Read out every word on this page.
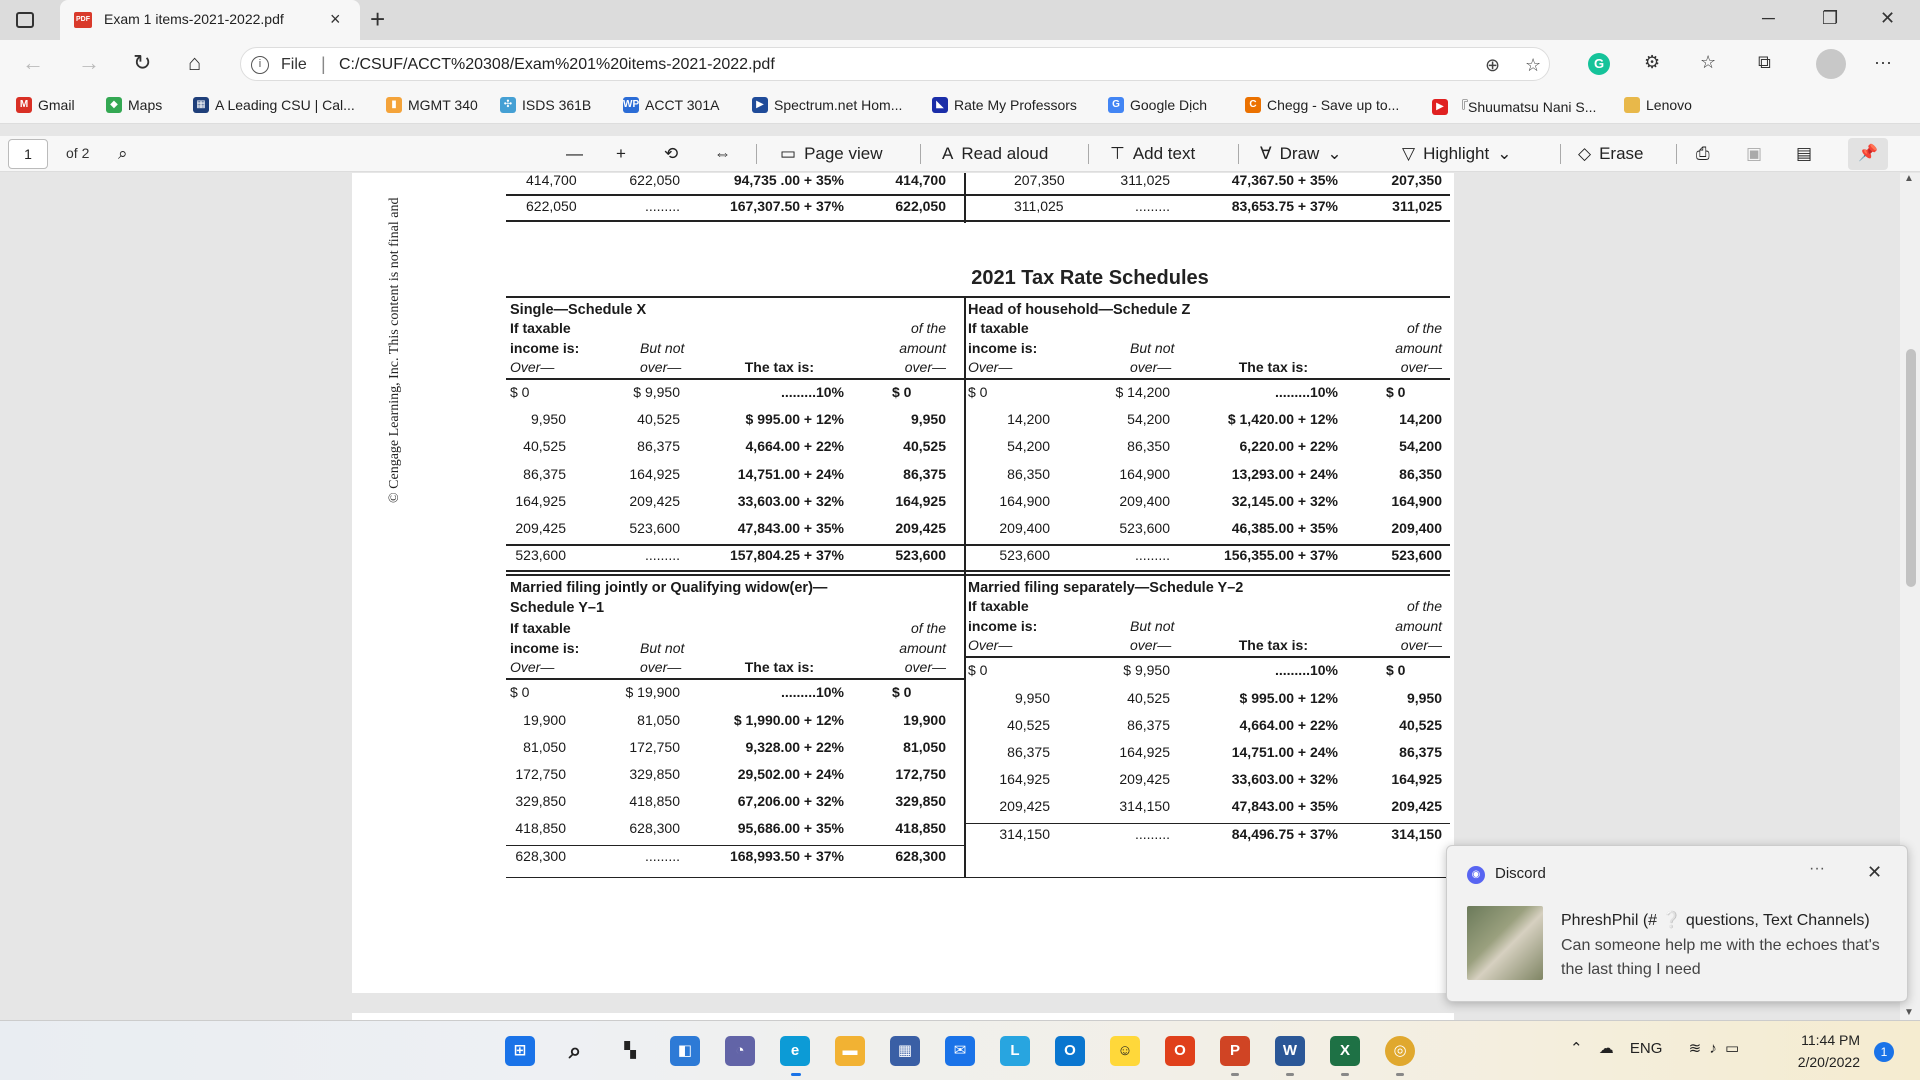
PDF Exam 1 items-2021-2022.pdf	× +	─	❐ ✕
← → ↻ ⌂	i	File | C:/CSUF/ACCT%20308/Exam%201%20items-2021-2022.pdf	⊕ ☆	G	⚙ ☆ ⧉	···
M Gmail	◆ Maps	▦ A Leading CSU | Cal...	▮ MGMT 340	✣ ISDS 361B	WP ACCT 301A	▶ Spectrum.net Hom...	◣ Rate My Professors	G Google Dịch	C Chegg - Save up to...	▶ 『Shuumatsu Nani S...	Lenovo
1	of 2 ⌕	— + ⟲ ⇔	▭ Page view	A Read aloud	⊤ Add text	∀ Draw ⌄	▽ Highlight ⌄	◇ Erase	⎙ ▣ ▤	📌
© Cengage Learning, Inc. This content is not final and	2021 Tax Rate Schedules
414,700	622,050	94,735 .00 + 35%	414,700	207,350	311,025	47,367.50 + 35%	207,350
622,050	.........	167,307.50 + 37%	622,050	311,025	.........	83,653.75 + 37%	311,025
Single—Schedule X
If taxable	of the
income is:	But not	amount
Over—	over—	The tax is:	over—
$ 0	$ 9,950	.........10%	$ 0
9,950	40,525	$ 995.00 + 12%	9,950
40,525	86,375	4,664.00 + 22%	40,525
86,375	164,925	14,751.00 + 24%	86,375
164,925	209,425	33,603.00 + 32%	164,925
209,425	523,600	47,843.00 + 35%	209,425
523,600	.........	157,804.25 + 37%	523,600
Head of household—Schedule Z
If taxable	of the
income is:	But not	amount
Over—	over—	The tax is:	over—
$ 0	$ 14,200	.........10%	$ 0
14,200	54,200	$ 1,420.00 + 12%	14,200
54,200	86,350	6,220.00 + 22%	54,200
86,350	164,900	13,293.00 + 24%	86,350
164,900	209,400	32,145.00 + 32%	164,900
209,400	523,600	46,385.00 + 35%	209,400
523,600	.........	156,355.00 + 37%	523,600
Married filing jointly or Qualifying widow(er)—
Schedule Y–1
If taxable	of the
income is:	But not	amount
Over—	over—	The tax is:	over—
$ 0	$ 19,900	.........10%	$ 0
19,900	81,050	$ 1,990.00 + 12%	19,900
81,050	172,750	9,328.00 + 22%	81,050
172,750	329,850	29,502.00 + 24%	172,750
329,850	418,850	67,206.00 + 32%	329,850
418,850	628,300	95,686.00 + 35%	418,850
628,300	.........	168,993.50 + 37%	628,300
Married filing separately—Schedule Y–2
If taxable	of the
income is:	But not	amount
Over—	over—	The tax is:	over—
$ 0	$ 9,950	.........10%	$ 0
9,950	40,525	$ 995.00 + 12%	9,950
40,525	86,375	4,664.00 + 22%	40,525
86,375	164,925	14,751.00 + 24%	86,375
164,925	209,425	33,603.00 + 32%	164,925
209,425	314,150	47,843.00 + 35%	209,425
314,150	.........	84,496.75 + 37%	314,150
▲
▼
◉ Discord	··· ✕
PhreshPhil (# ❔ questions, Text Channels)
Can someone help me with the echoes that's the last thing I need
⊞	⌕	▚	◧	◔	e	▬	▦	✉	L	O	☺	O	P	W	X	◎	⌃ ☁ ENG ≋ ♪ ▭	11:44 PM
2/20/2022
1
